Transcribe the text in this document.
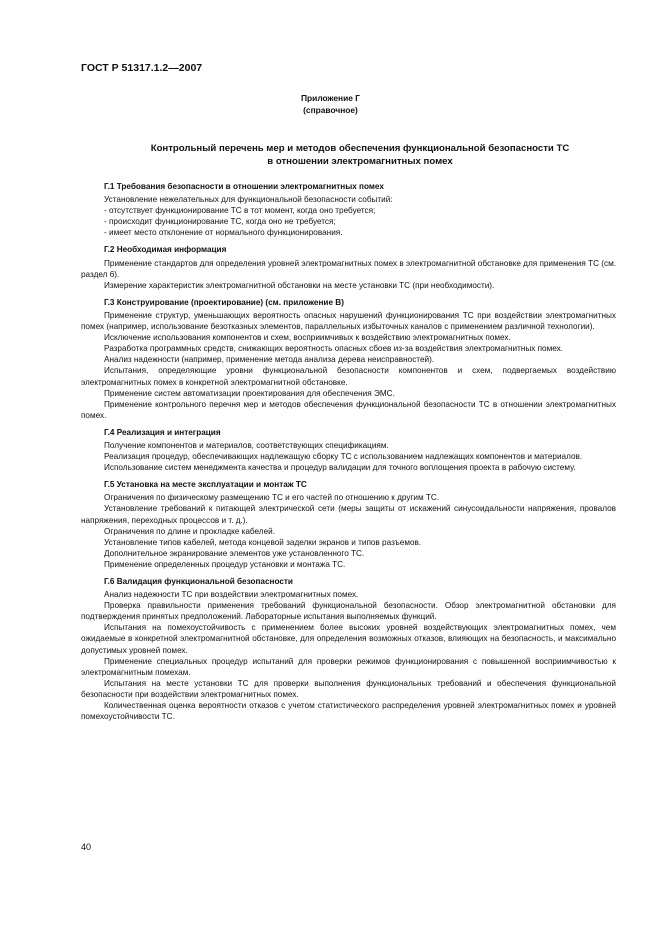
ГОСТ Р 51317.1.2—2007
Приложение Г
(справочное)
Контрольный перечень мер и методов обеспечения функциональной безопасности ТС
в отношении электромагнитных помех
Г.1 Требования безопасности в отношении электромагнитных помех
Установление нежелательных для функциональной безопасности событий:
- отсутствует функционирование ТС в тот момент, когда оно требуется;
- происходит функционирование ТС, когда оно не требуется;
- имеет место отклонение от нормального функционирования.
Г.2 Необходимая информация
Применение стандартов для определения уровней электромагнитных помех в электромагнитной обстановке для применения ТС (см. раздел 6).
Измерение характеристик электромагнитной обстановки на месте установки ТС (при необходимости).
Г.3 Конструирование (проектирование) (см. приложение В)
Применение структур, уменьшающих вероятность опасных нарушений функционирования ТС при воздействии электромагнитных помех (например, использование безотказных элементов, параллельных избыточных каналов с применением различной технологии).
Исключение использования компонентов и схем, восприимчивых к воздействию электромагнитных помех.
Разработка программных средств, снижающих вероятность опасных сбоев из-за воздействия электромагнитных помех.
Анализ надежности (например, применение метода анализа дерева неисправностей).
Испытания, определяющие уровни функциональной безопасности компонентов и схем, подвергаемых воздействию электромагнитных помех в конкретной электромагнитной обстановке.
Применение систем автоматизации проектирования для обеспечения ЭМС.
Применение контрольного перечня мер и методов обеспечения функциональной безопасности ТС в отношении электромагнитных помех.
Г.4 Реализация и интеграция
Получение компонентов и материалов, соответствующих спецификациям.
Реализация процедур, обеспечивающих надлежащую сборку ТС с использованием надлежащих компонентов и материалов.
Использование систем менеджмента качества и процедур валидации для точного воплощения проекта в рабочую систему.
Г.5 Установка на месте эксплуатации и монтаж ТС
Ограничения по физическому размещению ТС и его частей по отношению к другим ТС.
Установление требований к питающей электрической сети (меры защиты от искажений синусоидальности напряжения, провалов напряжения, переходных процессов и т. д.).
Ограничения по длине и прокладке кабелей.
Установление типов кабелей, метода концевой заделки экранов и типов разъемов.
Дополнительное экранирование элементов уже установленного ТС.
Применение определенных процедур установки и монтажа ТС.
Г.6 Валидация функциональной безопасности
Анализ надежности ТС при воздействии электромагнитных помех.
Проверка правильности применения требований функциональной безопасности. Обзор электромагнитной обстановки для подтверждения принятых предположений. Лабораторные испытания выполняемых функций.
Испытания на помехоустойчивость с применением более высоких уровней воздействующих электромагнитных помех, чем ожидаемые в конкретной электромагнитной обстановке, для определения возможных отказов, влияющих на безопасность, и максимально допустимых уровней помех.
Применение специальных процедур испытаний для проверки режимов функционирования с повышенной восприимчивостью к электромагнитным помехам.
Испытания на месте установки ТС для проверки выполнения функциональных требований и обеспечения функциональной безопасности при воздействии электромагнитных помех.
Количественная оценка вероятности отказов с учетом статистического распределения уровней электромагнитных помех и уровней помехоустойчивости ТС.
40
